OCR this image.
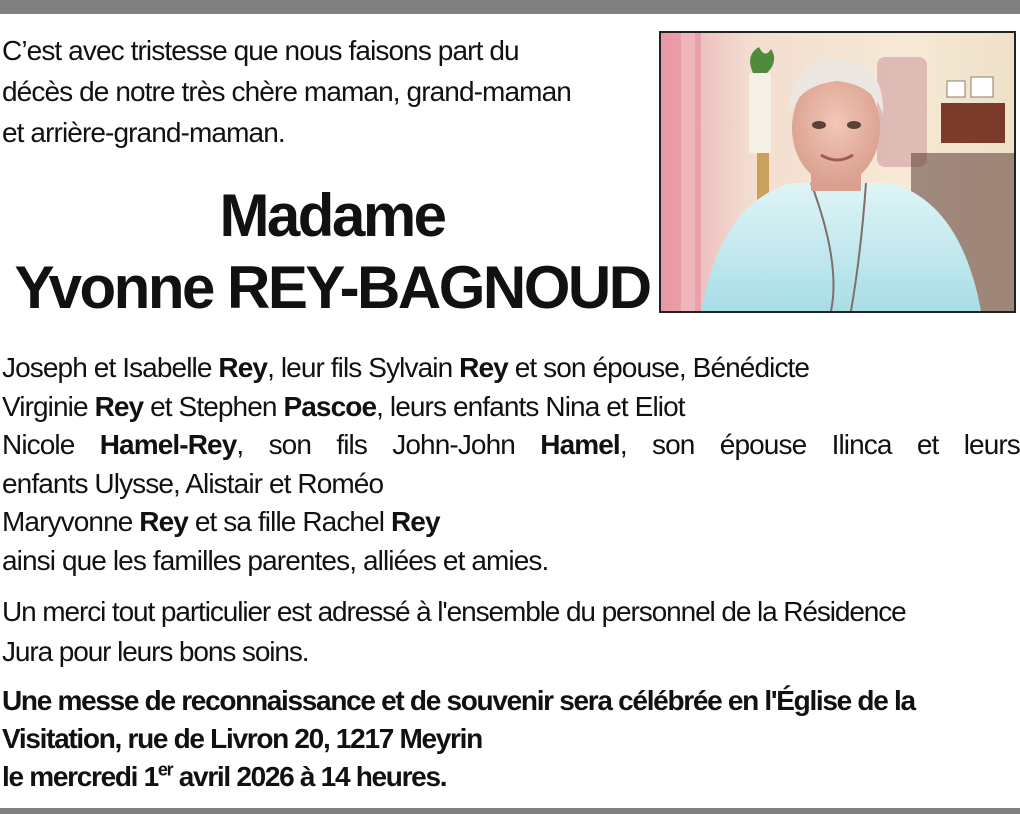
C’est avec tristesse que nous faisons part du
décès de notre très chère maman, grand-maman
et arrière-grand-maman.
Madame
Yvonne REY-BAGNOUD
Joseph et Isabelle Rey, leur fils Sylvain Rey et son épouse, Bénédicte
Virginie Rey et Stephen Pascoe, leurs enfants Nina et Eliot
Nicole Hamel-Rey, son fils John-John Hamel, son épouse Ilinca et leurs
enfants Ulysse, Alistair et Roméo
Maryvonne Rey et sa fille Rachel Rey
ainsi que les familles parentes, alliées et amies.
Un merci tout particulier est adressé à l'ensemble du personnel de la Résidence
Jura pour leurs bons soins.
Une messe de reconnaissance et de souvenir sera célébrée en l'Église de la
Visitation, rue de Livron 20, 1217 Meyrin
le mercredi 1er avril 2026 à 14 heures.
